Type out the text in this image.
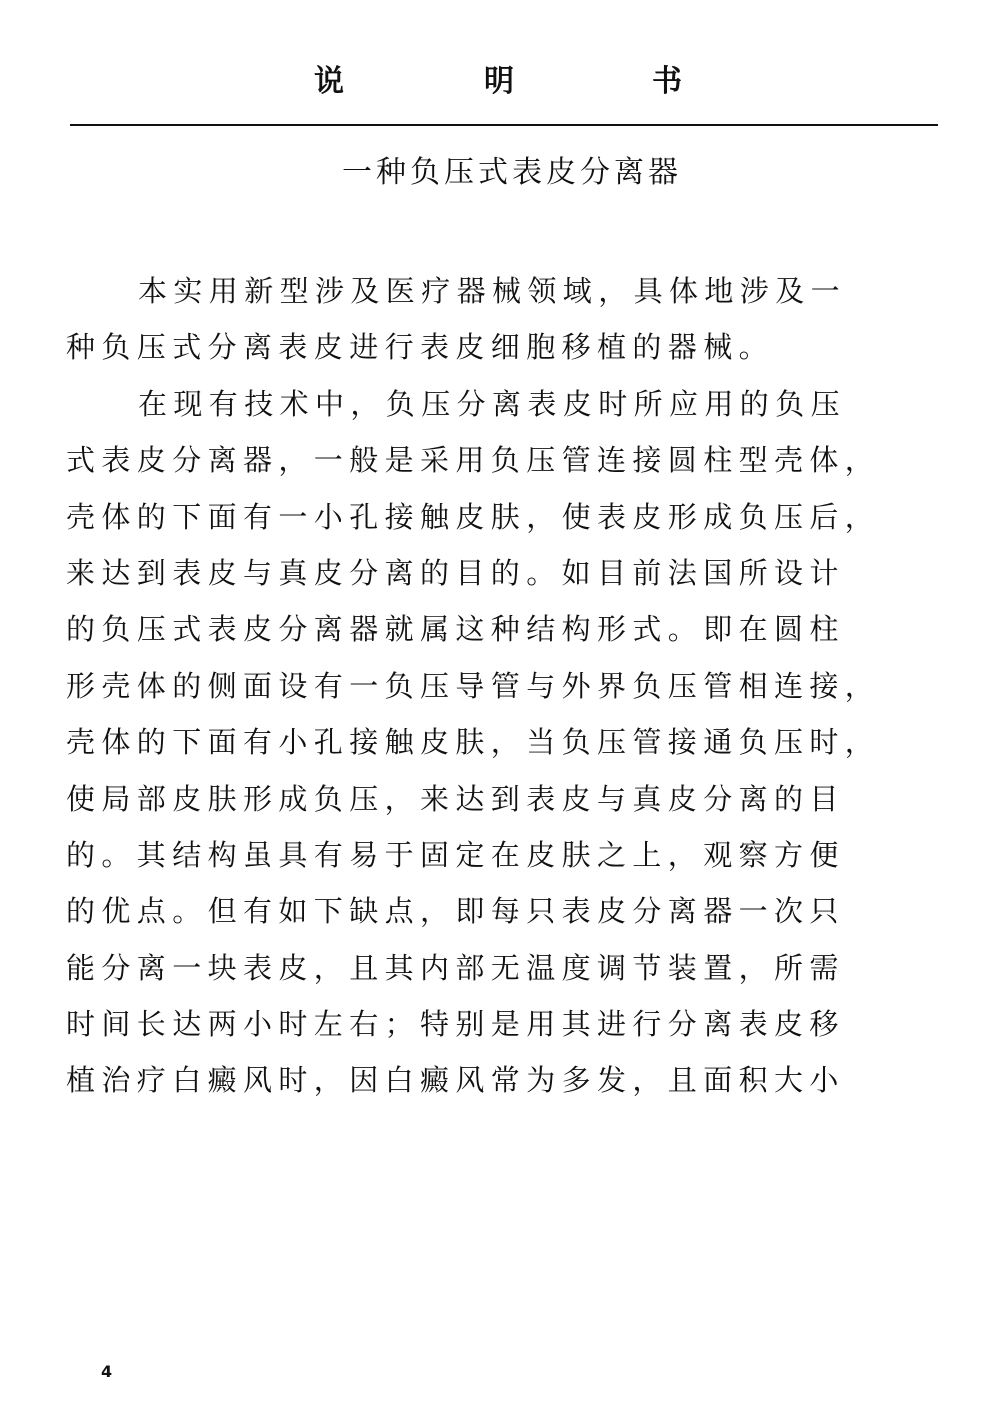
说	明	书
一种负压式表皮分离器
本实用新型涉及医疗器械领域，具体地涉及一
种负压式分离表皮进行表皮细胞移植的器械。
在现有技术中，负压分离表皮时所应用的负压
式表皮分离器，一般是采用负压管连接圆柱型壳体，
壳体的下面有一小孔接触皮肤，使表皮形成负压后，
来达到表皮与真皮分离的目的。如目前法国所设计
的负压式表皮分离器就属这种结构形式。即在圆柱
形壳体的侧面设有一负压导管与外界负压管相连接，
壳体的下面有小孔接触皮肤，当负压管接通负压时，
使局部皮肤形成负压，来达到表皮与真皮分离的目
的。其结构虽具有易于固定在皮肤之上，观察方便
的优点。但有如下缺点，即每只表皮分离器一次只
能分离一块表皮，且其内部无温度调节装置，所需
时间长达两小时左右；特别是用其进行分离表皮移
植治疗白癜风时，因白癜风常为多发，且面积大小
4
